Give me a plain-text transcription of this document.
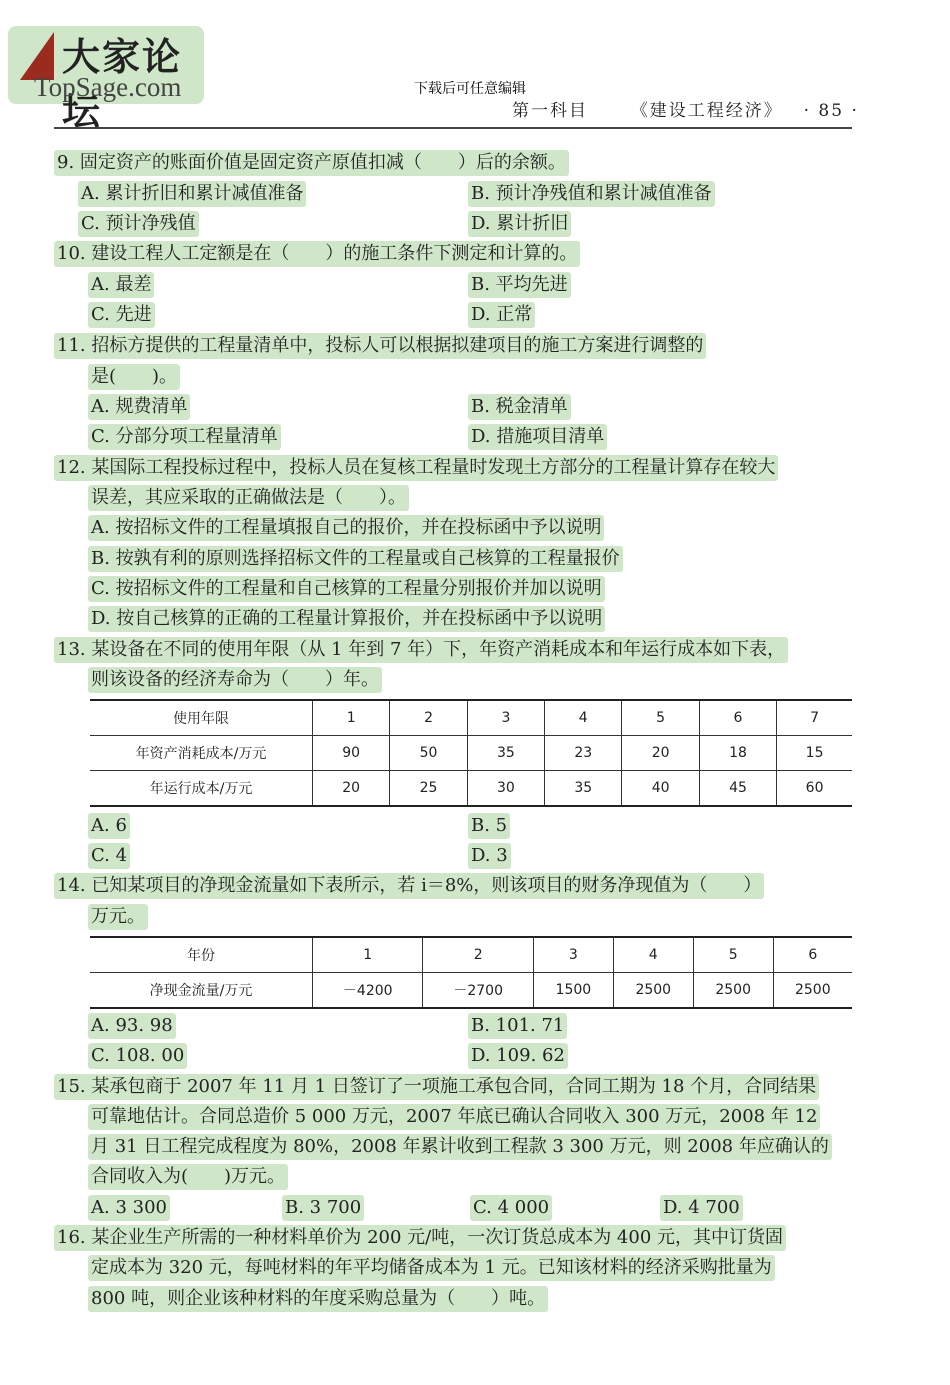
大家论坛
TopSage.com	下载后可任意编辑
第一科目	《建设工程经济》 · 85 ·
9. 固定资产的账面价值是固定资产原值扣减（　　）后的余额。
A. 累计折旧和累计减值准备	B. 预计净残值和累计减值准备
C. 预计净残值	D. 累计折旧
10. 建设工程人工定额是在（　　）的施工条件下测定和计算的。
A. 最差	B. 平均先进
C. 先进	D. 正常
11. 招标方提供的工程量清单中，投标人可以根据拟建项目的施工方案进行调整的
是(　　)。
A. 规费清单	B. 税金清单
C. 分部分项工程量清单	D. 措施项目清单
12. 某国际工程投标过程中，投标人员在复核工程量时发现土方部分的工程量计算存在较大
误差，其应采取的正确做法是（　　）。
A. 按招标文件的工程量填报自己的报价，并在投标函中予以说明
B. 按孰有利的原则选择招标文件的工程量或自己核算的工程量报价
C. 按招标文件的工程量和自己核算的工程量分别报价并加以说明
D. 按自己核算的正确的工程量计算报价，并在投标函中予以说明
13. 某设备在不同的使用年限（从 1 年到 7 年）下，年资产消耗成本和年运行成本如下表，
则该设备的经济寿命为（　　）年。
使用年限	1	2	3	4	5	6	7
年资产消耗成本/万元	90	50	35	23	20	18	15
年运行成本/万元	20	25	30	35	40	45	60
A. 6	B. 5
C. 4	D. 3
14. 已知某项目的净现金流量如下表所示，若 i＝8%，则该项目的财务净现值为（　　）
万元。
年份	1	2	3	4	5	6
净现金流量/万元	－4200	－2700	1500	2500	2500	2500
A. 93. 98	B. 101. 71
C. 108. 00	D. 109. 62
15. 某承包商于 2007 年 11 月 1 日签订了一项施工承包合同，合同工期为 18 个月，合同结果
可靠地估计。合同总造价 5 000 万元，2007 年底已确认合同收入 300 万元，2008 年 12
月 31 日工程完成程度为 80%，2008 年累计收到工程款 3 300 万元，则 2008 年应确认的
合同收入为(　　)万元。
A. 3 300	B. 3 700	C. 4 000	D. 4 700
16. 某企业生产所需的一种材料单价为 200 元/吨，一次订货总成本为 400 元，其中订货固
定成本为 320 元，每吨材料的年平均储备成本为 1 元。已知该材料的经济采购批量为
800 吨，则企业该种材料的年度采购总量为（　　）吨。
